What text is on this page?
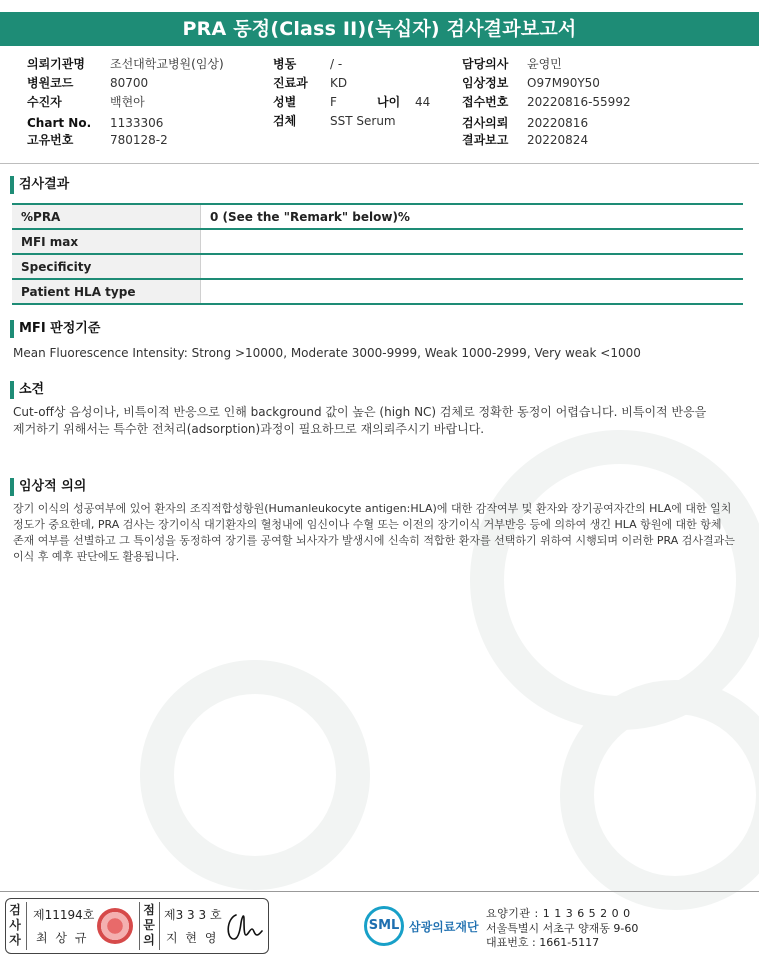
PRA 동정(Class II)(녹십자) 검사결과보고서
의뢰기관명 조선대학교병원(임상)	병동	/ -	담당의사 윤영민
병원코드	80700	진료과 KD	임상정보 O97M90Y50
수진자	백현아	성별	F	나이 44	접수번호 20220816-55992
Chart No. 1133306	검체	SST Serum	검사의뢰 20220816
고유번호	780128-2	결과보고 20220824
검사결과
%PRA	0 (See the "Remark" below)%
MFI max
Specificity
Patient HLA type
MFI 판정기준
Mean Fluorescence Intensity: Strong >10000, Moderate 3000-9999, Weak 1000-2999, Very weak <1000
소견
Cut-off상 음성이나, 비특이적 반응으로 인해 background 값이 높은 (high NC) 검체로 정확한 동정이 어렵습니다. 비특이적 반응을
제거하기 위해서는 특수한 전처리(adsorption)과정이 필요하므로 재의뢰주시기 바랍니다.
임상적 의의
장기 이식의 성공여부에 있어 환자의 조직적합성항원(Humanleukocyte antigen:HLA)에 대한 감작여부 및 환자와 장기공여자간의 HLA에 대한 일치
정도가 중요한데, PRA 검사는 장기이식 대기환자의 혈청내에 임신이나 수혈 또는 이전의 장기이식 거부반응 등에 의하여 생긴 HLA 항원에 대한 항체
존재 여부를 선별하고 그 특이성을 동정하여 장기를 공여할 뇌사자가 발생시에 신속히 적합한 환자를 선택하기 위하여 시행되며 이러한 PRA 검사결과는
이식 후 예후 판단에도 활용됩니다.
검
사
자
제11194호
최 상 규
점
문
의
제3 3 3 호
지 현 영
SML 삼광의료재단
요양기관 : 1 1 3 6 5 2 0 0
서울특별시 서초구 양재동 9-60
대표번호 : 1661-5117
